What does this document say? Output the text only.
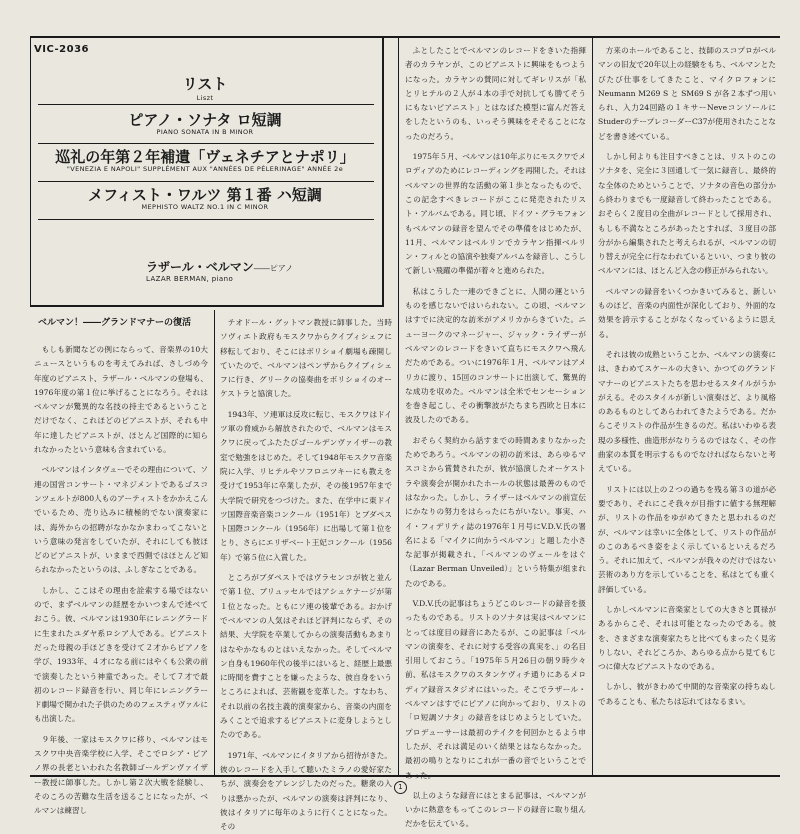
VIC-2036
リスト
Liszt
ピアノ・ソナタ ロ短調
PIANO SONATA IN B MINOR
巡礼の年第２年補遺「ヴェネチアとナポリ」
"VENEZIA E NAPOLI" SUPPLÉMENT AUX "ANNÉES DE PÈLERINAGE" ANNÉE 2e
メフィスト・ワルツ 第１番 ハ短調
MEPHISTO WALTZ NO.1 IN C MINOR
ラザール・ベルマン――ピアノ
LAZAR BERMAN, piano
ベルマン！――グランドマナーの復活

もしも新聞などの例にならって、音楽界の10大ニュースというものを考えてみれば、さしづめ今年度のピアニスト、ラザール・ベルマンの登場も、1976年度の第１位に挙げることになろう。それはベルマンが驚異的な名技の持主であるということだけでなく、これほどのピアニストが、それも中年に達したピアニストが、ほとんど国際的に知られなかったという意味も含まれている。

ベルマンはインタヴューでその理由について、ソ連の国営コンサート・マネジメントであるゴスコンツェルトが800人ものアーティストをかかえこんでいるため、売り込みに積極的でない演奏家には、海外からの招聘がなかなかまわってこないという意味の発言をしていたが、それにしても彼ほどのピアニストが、いままで西側ではほとんど知られなかったというのは、ふしぎなことである。

しかし、ここはその理由を詮索する場ではないので、まずベルマンの経歴をかいつまんで述べておこう。彼、ベルマンは1930年にレニングラードに生まれたユダヤ系ロシア人である。ピアニストだった母親の手ほどきを受けて２才からピアノを学び、1933年、４才になる前にはやくも公衆の前で演奏したという神童であった。そして７才で最初のレコード録音を行い、同じ年にレニングラード劇場で開かれた子供のためのフェスティヴァルにも出演した。

９年後、一家はモスクワに移り、ベルマンはモスクワ中央音楽学校に入学、そこでロシア・ピアノ界の長老といわれた名教師ゴールデンヴァイザー教授に師事した。しかし第２次大戦を経験し、そのころの苦難な生活を送ることになったが、ベルマンは練習し

テオドール・グットマン教授に師事した。当時ソヴィエト政府もモスクワからクイブィシェフに移転しており、そこにはボリショイ劇場も疎開していたので、ベルマンはペンザからクイブィシェフに行き、グリークの協奏曲をボリショイのオーケストラと協演した。

1943年、ソ連軍は反攻に転じ、モスクワはドイツ軍の脅威から解放されたので、ベルマンはモスクワに戻ってふたたびゴールデンヴァイザーの教室で勉強をはじめた。そして1948年モスクワ音楽院に入学、リヒテルやソフロニツキーにも教えを受けて1953年に卒業したが、その後1957年まで大学院で研究をつづけた。また、在学中に東ドイツ国際音楽音楽コンクール（1951年）とブダペスト国際コンクール（1956年）に出場して第１位をとり、さらにエリザベート王妃コンクール（1956年）で第５位に入賞した。

ところがブダペストではヴラセンコが彼と並んで第１位、ブリュッセルではアシュケナージが第１位となった。ともにソ連の後輩である。おかげでベルマンの人気はそれほど評判にならず、その結果、大学院を卒業してからの演奏活動もあまりはなやかなものとはいえなかった。そしてベルマン自身も1960年代の後半にはいると、経歴上最悪に時間を費すことを嫌ったような、彼自身をいうところによれば、芸術観を変革した。すなわち、それ以前の名技主義的演奏家から、音楽の内面をみくことで追求するピアニストに変身しようとしたのである。

1971年、ベルマンにイタリアから招待がきた。彼のレコードを入手して聴いたミラノの愛好家たちが、演奏会をアレンジしたのだった。糖衆の入りは悪かったが、ベルマンの演奏は評判になり、彼はイタリアに毎年のように行くことになった。その

ふとしたことでベルマンのレコードをきいた指揮者のカラヤンが、このピアニストに興味をもつようになった。カラヤンの賛同に対してギレリスが「私とリヒテルの２人が４本の手で対抗しても勝てそうにもないピアニスト」とはなばた模型に富んだ答えをしたというのも、いっそう興味をそそることになったのだろう。

1975年５月、ベルマンは10年ぶりにモスクワでメロディアのためにレコーディングを再開した。それはベルマンの世界的な活動の第１歩となったもので、この記念すべきレコードがここに発売されたリスト・アルバムである。同じ頃、ドイツ・グラモフォンもベルマンの録音を望んでその準備をはじめたが、11月、ベルマンはベルリンでカラヤン指揮ベルリン・フィルとの協演や独奏アルバムを録音し、こうして新しい飛躍の準備が着々と進められた。

私はこうした一連のできごとに、人間の運というものを感じないではいられない。この頃、ベルマンはすでに決定的な訪米がアメリカからきていた。ニューヨークのマネージャー、ジャック・ライザーがベルマンのレコードをきいて直ちにモスクワへ飛んだためである。ついに1976年１月、ベルマンはアメリカに渡り、15回のコンサートに出演して、驚異的な成功を収めた。ベルマンは全米でセンセーションを巻き起こし、その衝撃波がたちまち西欧と日本に波及したのである。

おそらく契約から話すまでの時間あまりなかったためであろう。ベルマンの初の訪米は、あらゆるマスコミから賞賛されたが、彼が協演したオーケストラや演奏会が開かれたホールの状態は最善のものではなかった。しかし、ライザーはベルマンの前宣伝にかなりの努力をはらったにちがいない。事実、ハイ・フィデリティ誌の1976年１月号にV.D.V.氏の署名による「マイクに向かうベルマン」と題した小さな記事が掲載され、「ベルマンのヴェールをはぐ（Lazar Berman Unveiled）」という特集が組まれたのである。

V.D.V.氏の記事はちょうどこのレコードの録音を扱ったものである。リストのソナタは実はベルマンにとっては度目の録音にあたるが、この記事は「ベルマンの演奏を、それに対する受容の真実を、」の名目引用しておこう。「1975年５月26日の朝９時少々前、私はモスクワのスタンケヴィチ通りにあるメロディア録音スタジオにはいった。そこでラザール・ベルマンはすでにピアノに向かっており、リストの「ロ短調ソナタ」の録音をはじめようとしていた。プロデューサーは最初のテイクを何回かとるよう申したが、それは満足のいく結果とはならなかった。最初の鳴りとなりにこれが一番の音でということであった。

以上のような録音にはとまる記事は、ベルマンがいかに熱意をもってこのレコードの録音に取り組んだかを伝えている。

方来のホールであること、技師のスコプロがベルマンの旧友で20年以上の経験をもち、ベルマンとたびたび仕事をしてきたこと、マイクロフォンにNeumann M269 S と SM69 S が各２本ずつ用いられ、入力24回路の１キサーNeveコンソールにStuderのテープレコーダーC37が使用されたことなどを書き述べている。

しかし何よりも注目すべきことは、リストのこのソナタを、完全に３回通して一気に録音し、最終的な全体のためということで、ソナタの音色の部分から終わりまでも一度録音して終わったことである。おそらく２度目の全曲がレコードとして採用され、もしも不満なところがあったとすれば、３度目の部分がから編集されたと考えられるが、ベルマンの切り替えが完全に行なわれているといい、つまり彼のベルマンには、ほとんど入念の修正がみられない。

ベルマンの録音をいくつかきいてみると、新しいものほど、音楽の内面性が深化しており、外面的な効果を誇示することがなくなっているように思える。

それは彼の成熟ということか、ベルマンの演奏には、きわめてスケールの大きい、かつてのグランドマナーのピアニストたちを思わせるスタイルがうかがえる。そのスタイルが新しい演奏ほど、より風格のあるものとしてあらわれてきたようである。だからこそリストの作品が生きるのだ。私はいわゆる表現の多様性、曲造形がなりうるのではなく、その作曲家の本質を明示するものでなければならないと考えている。

リストには以上の２つの過ちを残る第３の道が必要であり、それにこそ我々が目指すに値する無理解が、リストの作品をゆがめてきたと思われるのだが、ベルマンは幸いに全体として、リストの作品がのこのあるべき姿をよく示しているといえるだろう。それに加えて、ベルマンが我々のだけではない芸術のあり方を示していることを、私はとても重く評価している。

しかしベルマンに音楽家としての大きさと貫禄があるからこそ、それは可能となったのである。彼を、さまざまな演奏家たちと比べてもまったく見劣りしない、それどころか、あらゆる点から見てもじつに偉大なピアニストなのである。

しかし、彼がきわめて中間的な音楽家の持ちぬしであることも、私たちは忘れてはなるまい。

1
